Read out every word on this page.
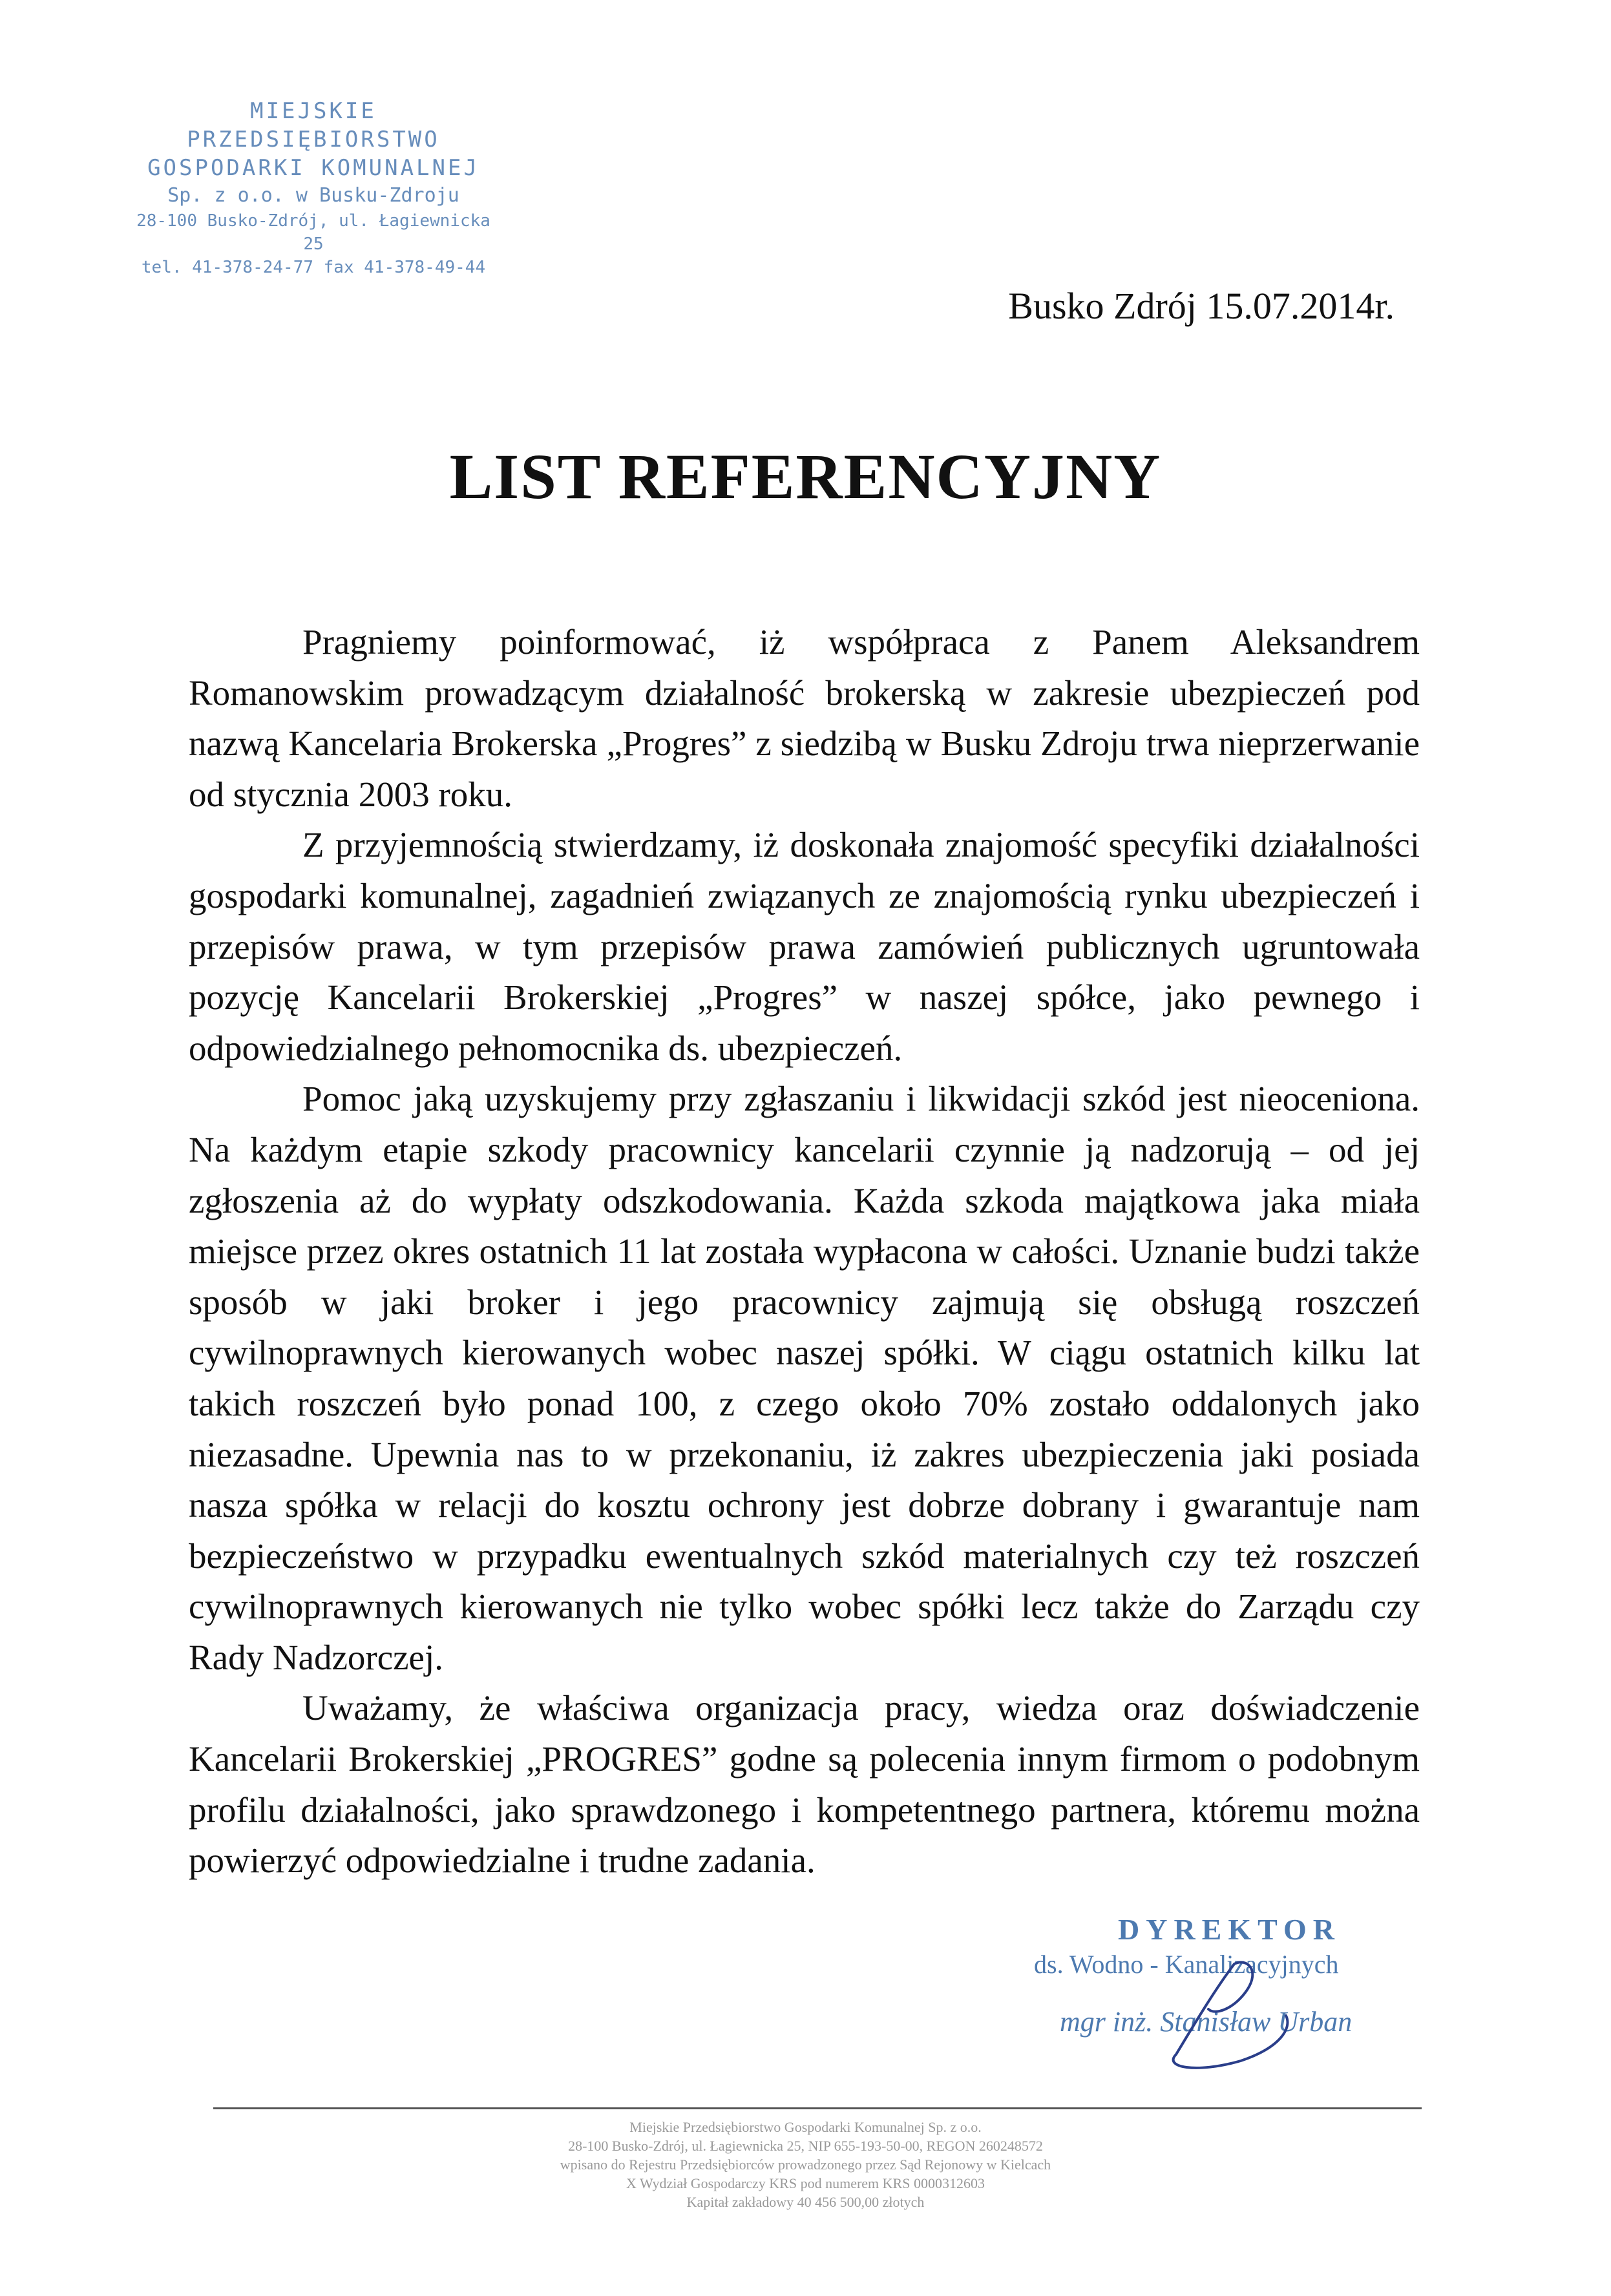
MIEJSKIE PRZEDSIĘBIORSTWO
GOSPODARKI KOMUNALNEJ
Sp. z o.o. w Busku-Zdroju
28-100 Busko-Zdrój, ul. Łagiewnicka 25
tel. 41-378-24-77 fax 41-378-49-44
Busko Zdrój 15.07.2014r.
LIST REFERENCYJNY

Pragniemy poinformować, iż współpraca z Panem Aleksandrem Romanowskim prowadzącym działalność brokerską w zakresie ubezpieczeń pod nazwą Kancelaria Brokerska „Progres” z siedzibą w Busku Zdroju trwa nieprzerwanie od stycznia 2003 roku.

Z przyjemnością stwierdzamy, iż doskonała znajomość specyfiki działalności gospodarki komunalnej, zagadnień związanych ze znajomością rynku ubezpieczeń i przepisów prawa, w tym przepisów prawa zamówień publicznych ugruntowała pozycję Kancelarii Brokerskiej „Progres” w naszej spółce, jako pewnego i odpowiedzialnego pełnomocnika ds. ubezpieczeń.

Pomoc jaką uzyskujemy przy zgłaszaniu i likwidacji szkód jest nieoceniona. Na każdym etapie szkody pracownicy kancelarii czynnie ją nadzorują – od jej zgłoszenia aż do wypłaty odszkodowania. Każda szkoda majątkowa jaka miała miejsce przez okres ostatnich 11 lat została wypłacona w całości. Uznanie budzi także sposób w jaki broker i jego pracownicy zajmują się obsługą roszczeń cywilnoprawnych kierowanych wobec naszej spółki. W ciągu ostatnich kilku lat takich roszczeń było ponad 100, z czego około 70% zostało oddalonych jako niezasadne. Upewnia nas to w przekonaniu, iż zakres ubezpieczenia jaki posiada nasza spółka w relacji do kosztu ochrony jest dobrze dobrany i gwarantuje nam bezpieczeństwo w przypadku ewentualnych szkód materialnych czy też roszczeń cywilnoprawnych kierowanych nie tylko wobec spółki lecz także do Zarządu czy Rady Nadzorczej.

Uważamy, że właściwa organizacja pracy, wiedza oraz doświadczenie Kancelarii Brokerskiej „PROGRES” godne są polecenia innym firmom o podobnym profilu działalności, jako sprawdzonego i kompetentnego partnera, któremu można powierzyć odpowiedzialne i trudne zadania.

DYREKTOR
ds. Wodno - Kanalizacyjnych
mgr inż. Stanisław Urban
Miejskie Przedsiębiorstwo Gospodarki Komunalnej Sp. z o.o.
28-100 Busko-Zdrój, ul. Łagiewnicka 25, NIP 655-193-50-00, REGON 260248572
wpisano do Rejestru Przedsiębiorców prowadzonego przez Sąd Rejonowy w Kielcach
X Wydział Gospodarczy KRS pod numerem KRS 0000312603
Kapitał zakładowy 40 456 500,00 złotych
